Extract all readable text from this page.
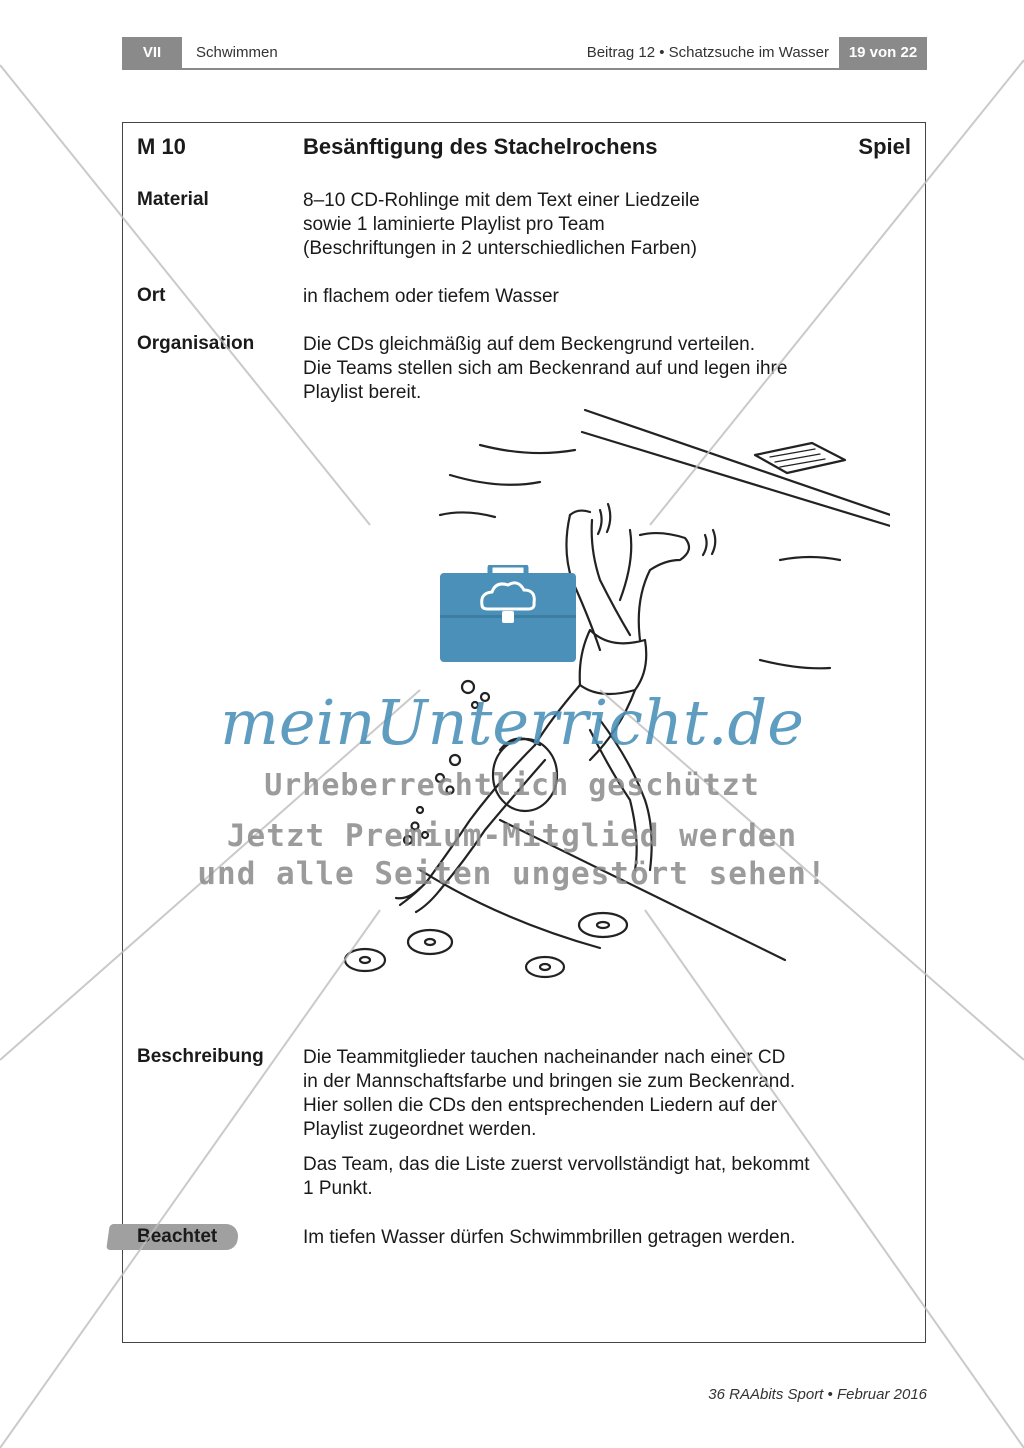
VII	Schwimmen	Beitrag 12 • Schatzsuche im Wasser	19 von 22
M 10	Besänftigung des Stachelrochens	Spiel
Material	8–10 CD-Rohlinge mit dem Text einer Liedzeile
sowie 1 laminierte Playlist pro Team
(Beschriftungen in 2 unterschiedlichen Farben)
Ort	in flachem oder tiefem Wasser
Organisation	Die CDs gleichmäßig auf dem Beckengrund verteilen.
Die Teams stellen sich am Beckenrand auf und legen ihre
Playlist bereit.
Beschreibung Die Teammitglieder tauchen nacheinander nach einer CD
in der Mannschaftsfarbe und bringen sie zum Beckenrand.
Hier sollen die CDs den entsprechenden Liedern auf der
Playlist zugeordnet werden.
Das Team, das die Liste zuerst vervollständigt hat, bekommt
1 Punkt.
Beachtet	Im tiefen Wasser dürfen Schwimmbrillen getragen werden.
meinUnterricht.de
Urheberrechtlich geschützt
Jetzt Premium-Mitglied werden
und alle Seiten ungestört sehen!
36 RAAbits Sport • Februar 2016
